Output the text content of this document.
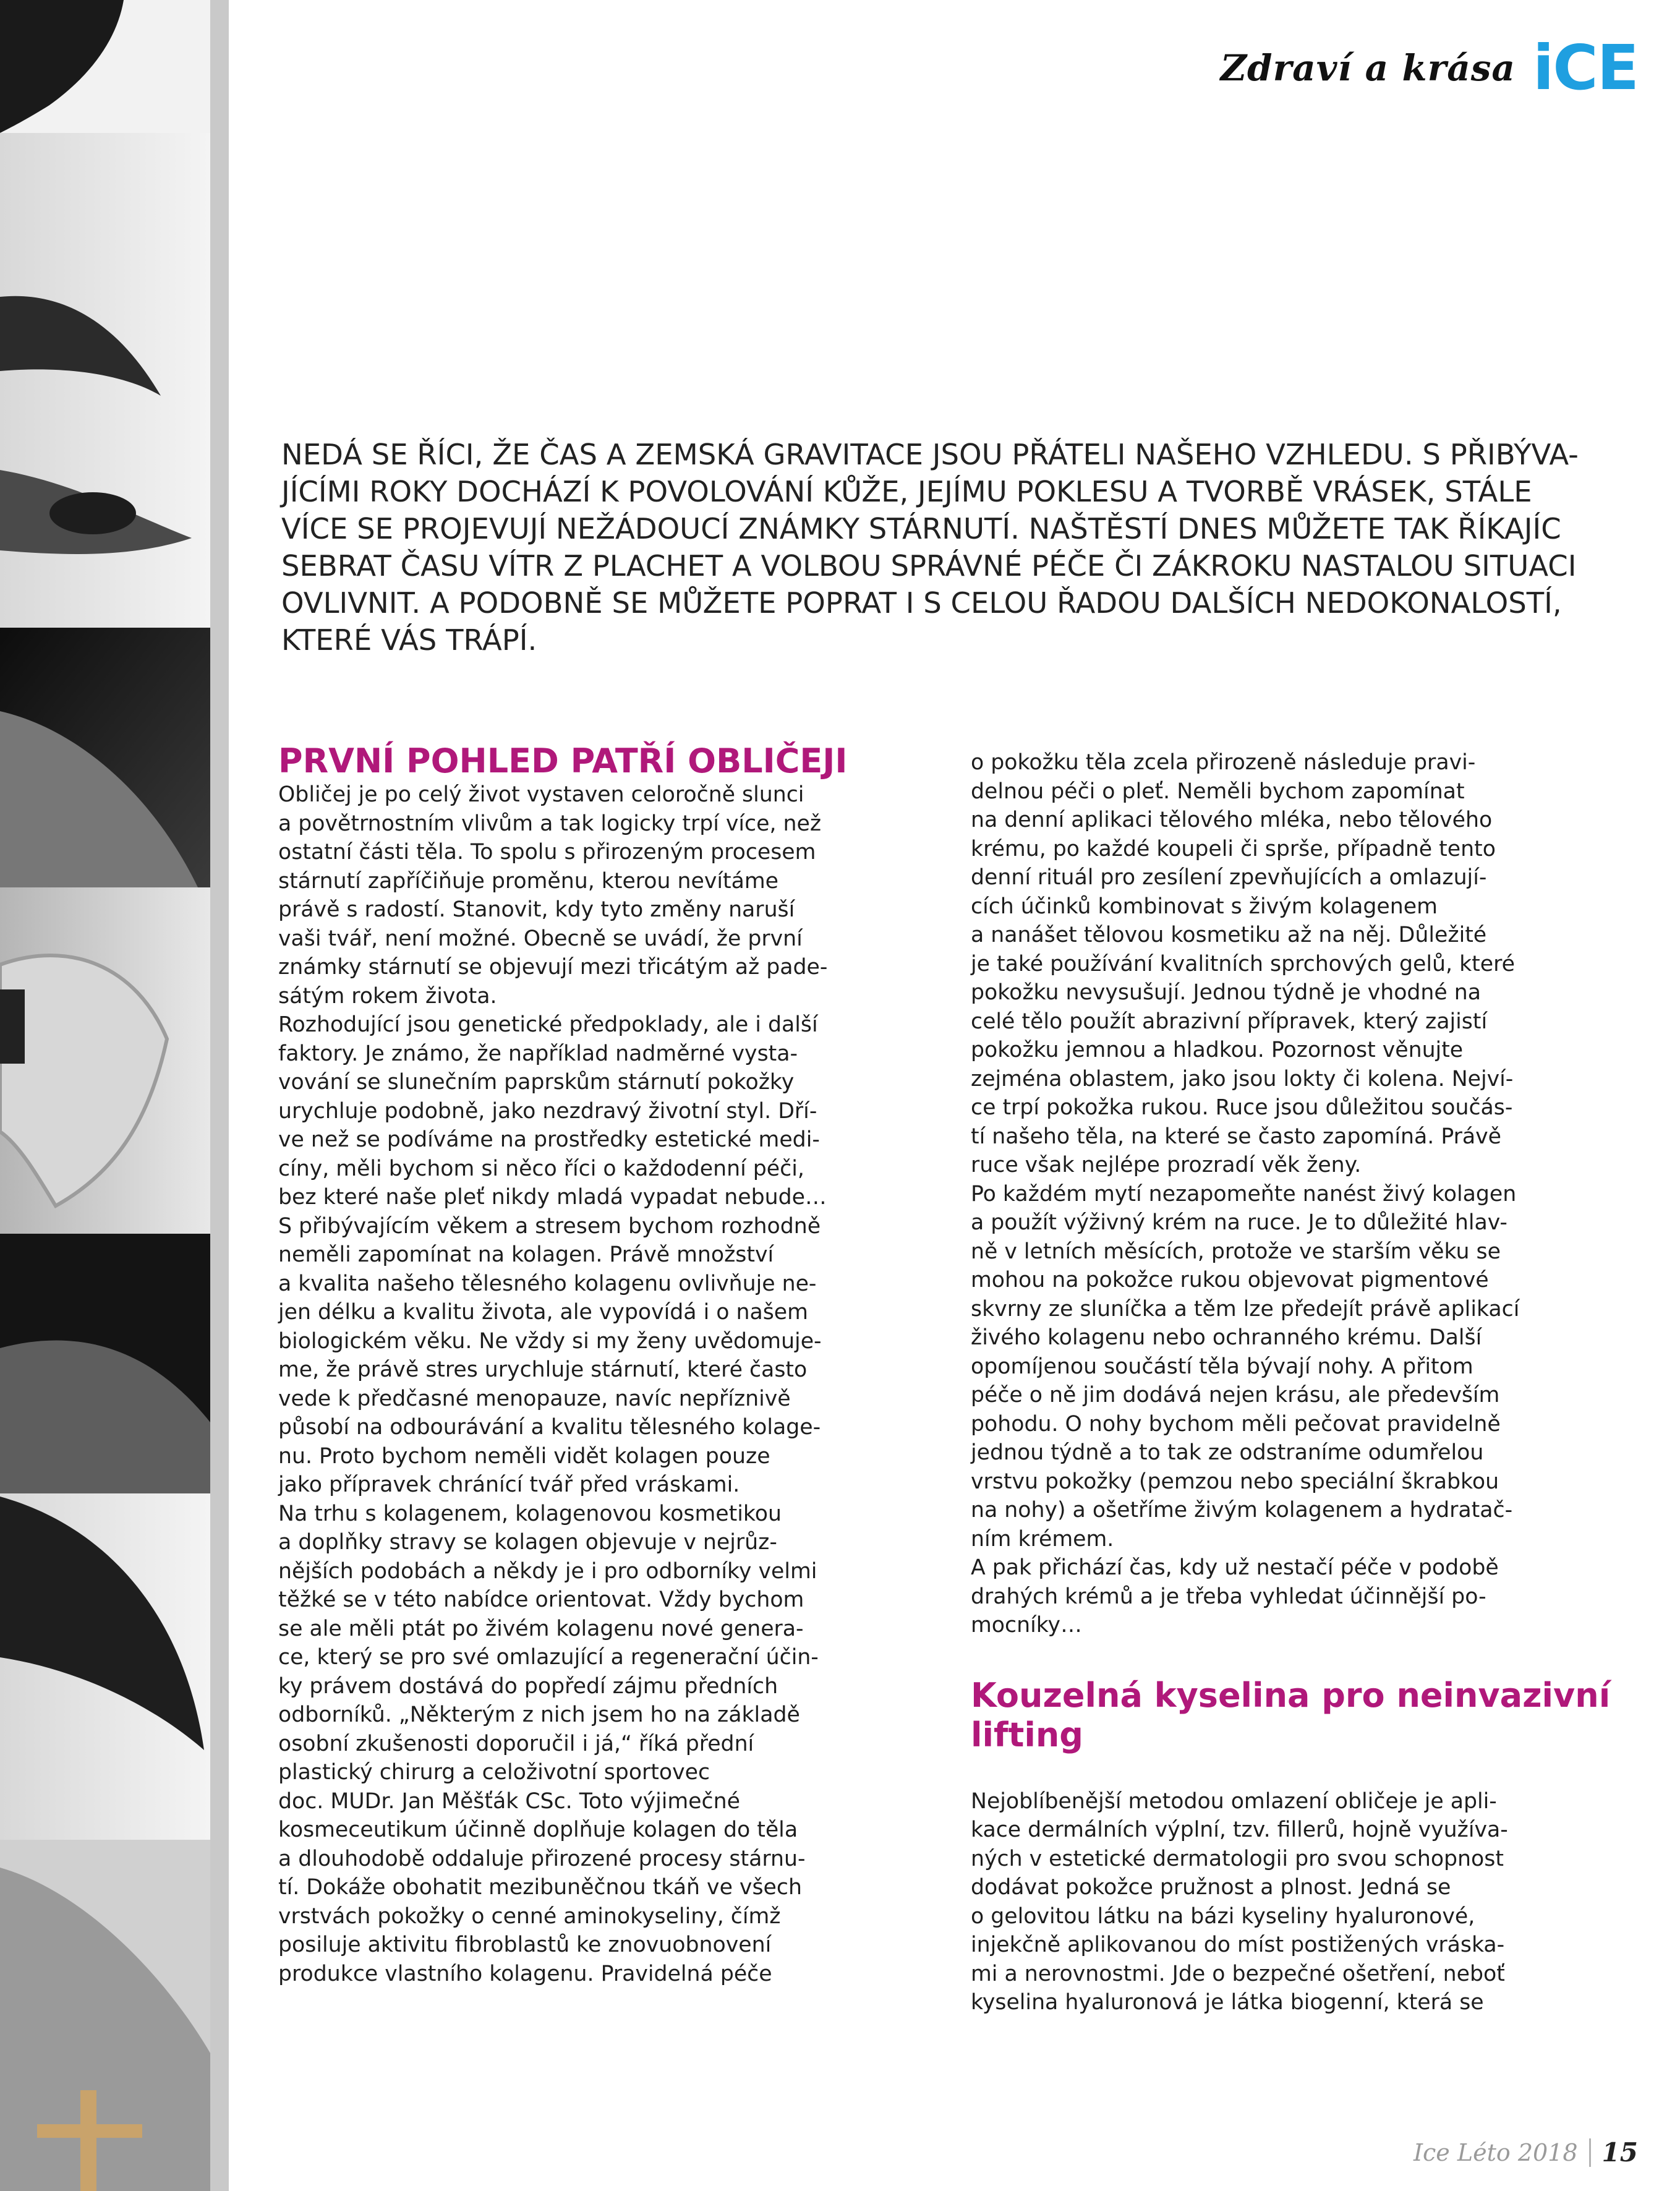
Zdraví a krása iCE

NEDÁ SE ŘÍCI, ŽE ČAS A ZEMSKÁ GRAVITACE JSOU PŘÁTELI NAŠEHO VZHLEDU. S PŘIBÝVA-

JÍCÍMI ROKY DOCHÁZÍ K POVOLOVÁNÍ KŮŽE, JEJÍMU POKLESU A TVORBĚ VRÁSEK, STÁLE

VÍCE SE PROJEVUJÍ NEŽÁDOUCÍ ZNÁMKY STÁRNUTÍ. NAŠTĚSTÍ DNES MŮŽETE TAK ŘÍKAJÍC

SEBRAT ČASU VÍTR Z PLACHET A VOLBOU SPRÁVNÉ PÉČE ČI ZÁKROKU NASTALOU SITUACI

OVLIVNIT. A PODOBNĚ SE MŮŽETE POPRAT I S CELOU ŘADOU DALŠÍCH NEDOKONALOSTÍ,

KTERÉ VÁS TRÁPÍ.

PRVNÍ POHLED PATŘÍ OBLIČEJI

Obličej je po celý život vystaven celoročně slunci

a povětrnostním vlivům a tak logicky trpí více, než

ostatní části těla. To spolu s přirozeným procesem

stárnutí zapříčiňuje proměnu, kterou nevítáme

právě s radostí. Stanovit, kdy tyto změny naruší

vaši tvář, není možné. Obecně se uvádí, že první

známky stárnutí se objevují mezi třicátým až pade-

sátým rokem života.

Rozhodující jsou genetické předpoklady, ale i další

faktory. Je známo, že například nadměrné vysta-

vování se slunečním paprskům stárnutí pokožky

urychluje podobně, jako nezdravý životní styl. Dří-

ve než se podíváme na prostředky estetické medi-

cíny, měli bychom si něco říci o každodenní péči,

bez které naše pleť nikdy mladá vypadat nebude…

S přibývajícím věkem a stresem bychom rozhodně

neměli zapomínat na kolagen. Právě množství

a kvalita našeho tělesného kolagenu ovlivňuje ne-

jen délku a kvalitu života, ale vypovídá i o našem

biologickém věku. Ne vždy si my ženy uvědomuje-

me, že právě stres urychluje stárnutí, které často

vede k předčasné menopauze, navíc nepříznivě

působí na odbourávání a kvalitu tělesného kolage-

nu. Proto bychom neměli vidět kolagen pouze

jako přípravek chránící tvář před vráskami.

Na trhu s kolagenem, kolagenovou kosmetikou

a doplňky stravy se kolagen objevuje v nejrůz-

nějších podobách a někdy je i pro odborníky velmi

těžké se v této nabídce orientovat. Vždy bychom

se ale měli ptát po živém kolagenu nové genera-

ce, který se pro své omlazující a regenerační účin-

ky právem dostává do popředí zájmu předních

odborníků. „Některým z nich jsem ho na základě

osobní zkušenosti doporučil i já,“ říká přední

plastický chirurg a celoživotní sportovec

doc. MUDr. Jan Měšťák CSc. Toto výjimečné

kosmeceutikum účinně doplňuje kolagen do těla

a dlouhodobě oddaluje přirozené procesy stárnu-

tí. Dokáže obohatit mezibuněčnou tkáň ve všech

vrstvách pokožky o cenné aminokyseliny, čímž

posiluje aktivitu fibroblastů ke znovuobnovení

produkce vlastního kolagenu. Pravidelná péče

o pokožku těla zcela přirozeně následuje pravi-

delnou péči o pleť. Neměli bychom zapomínat

na denní aplikaci tělového mléka, nebo tělového

krému, po každé koupeli či sprše, případně tento

denní rituál pro zesílení zpevňujících a omlazují-

cích účinků kombinovat s živým kolagenem

a nanášet tělovou kosmetiku až na něj. Důležité

je také používání kvalitních sprchových gelů, které

pokožku nevysušují. Jednou týdně je vhodné na

celé tělo použít abrazivní přípravek, který zajistí

pokožku jemnou a hladkou. Pozornost věnujte

zejména oblastem, jako jsou lokty či kolena. Nejví-

ce trpí pokožka rukou. Ruce jsou důležitou součás-

tí našeho těla, na které se často zapomíná. Právě

ruce však nejlépe prozradí věk ženy.

Po každém mytí nezapomeňte nanést živý kolagen

a použít výživný krém na ruce. Je to důležité hlav-

ně v letních měsících, protože ve starším věku se

mohou na pokožce rukou objevovat pigmentové

skvrny ze sluníčka a těm lze předejít právě aplikací

živého kolagenu nebo ochranného krému. Další

opomíjenou součástí těla bývají nohy. A přitom

péče o ně jim dodává nejen krásu, ale především

pohodu. O nohy bychom měli pečovat pravidelně

jednou týdně a to tak ze odstraníme odumřelou

vrstvu pokožky (pemzou nebo speciální škrabkou

na nohy) a ošetříme živým kolagenem a hydratač-

ním krémem.

A pak přichází čas, kdy už nestačí péče v podobě

drahých krémů a je třeba vyhledat účinnější po-

mocníky…

Kouzelná kyselina pro neinvazivní
lifting

Nejoblíbenější metodou omlazení obličeje je apli-

kace dermálních výplní, tzv. fillerů, hojně využíva-

ných v estetické dermatologii pro svou schopnost

dodávat pokožce pružnost a plnost. Jedná se

o gelovitou látku na bázi kyseliny hyaluronové,

injekčně aplikovanou do míst postižených vráska-

mi a nerovnostmi. Jde o bezpečné ošetření, neboť

kyselina hyaluronová je látka biogenní, která se

Ice Léto 2018 15
